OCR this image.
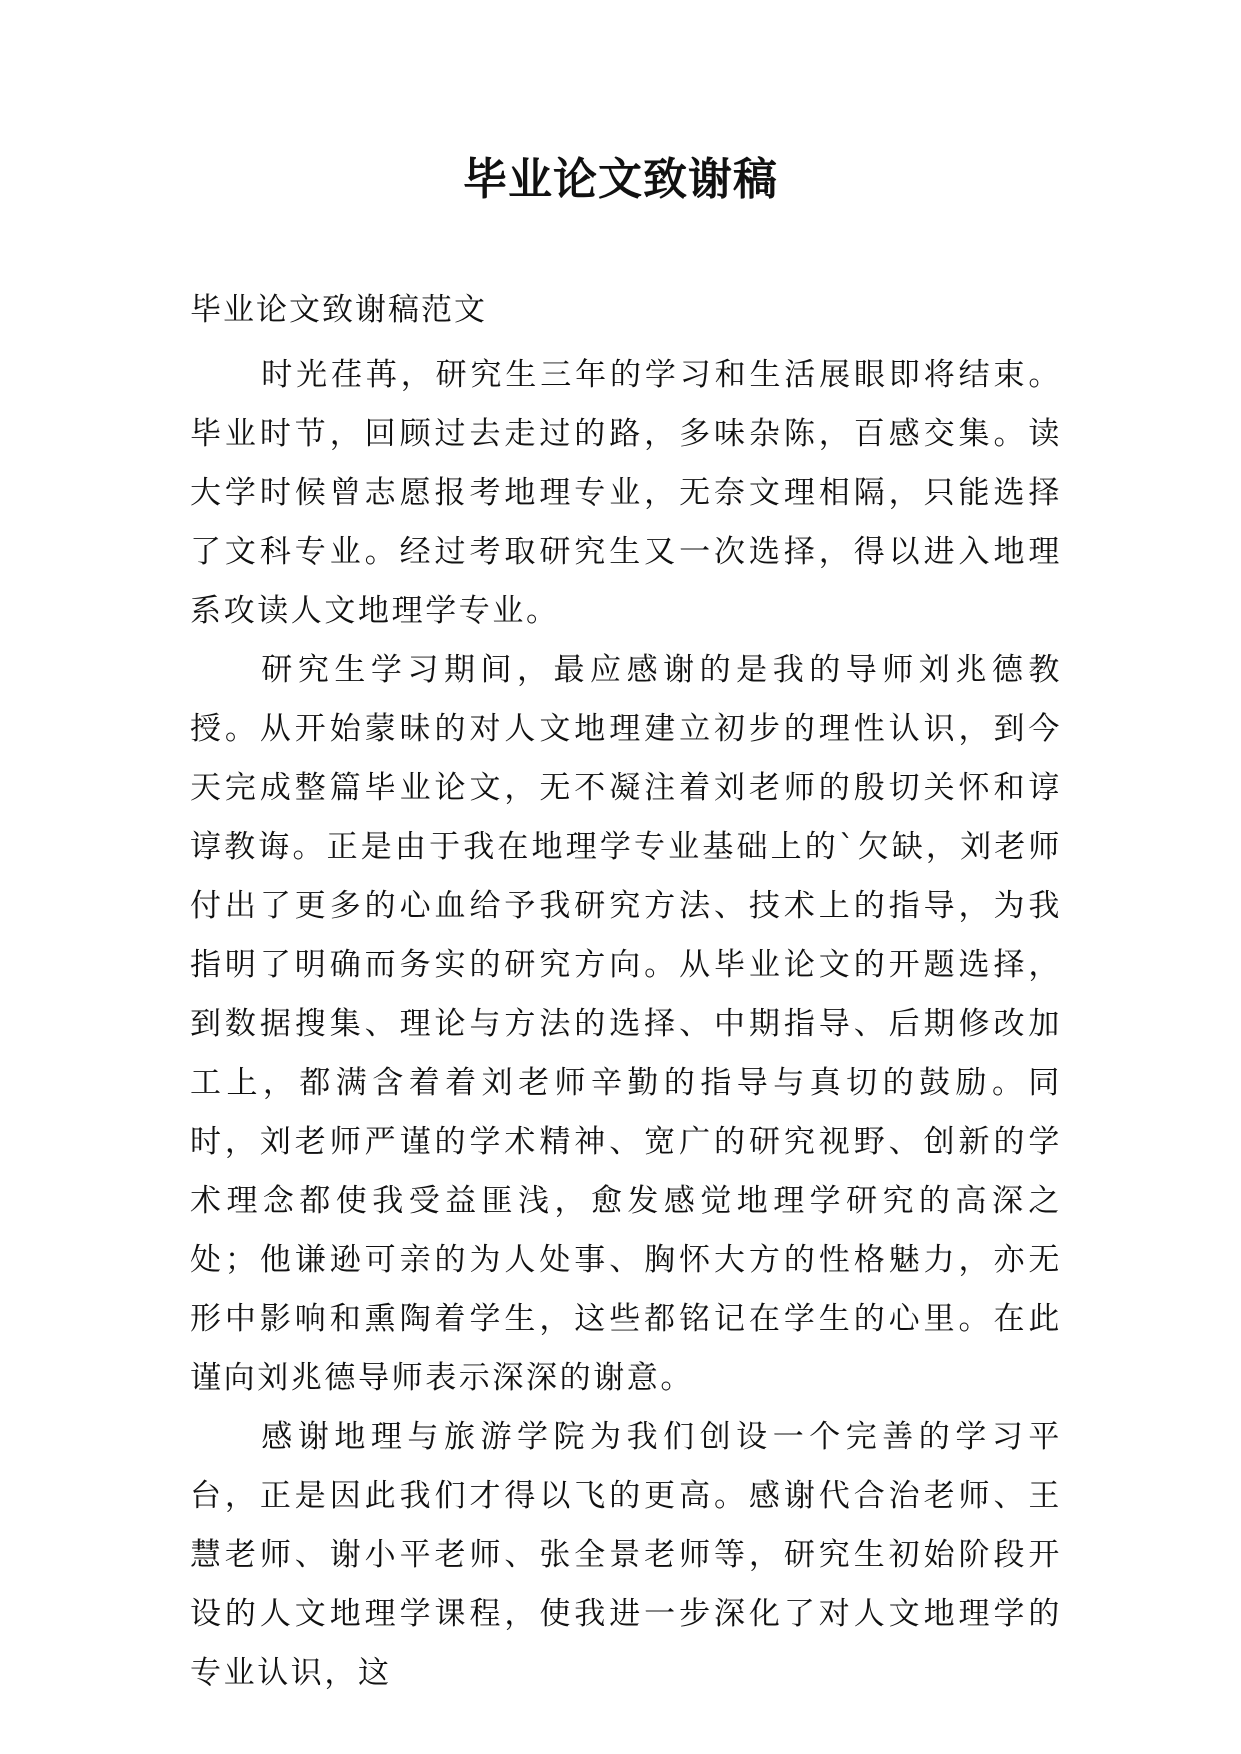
毕业论文致谢稿
毕业论文致谢稿范文

时光荏苒，研究生三年的学习和生活展眼即将结束。毕业时节，回顾过去走过的路，多味杂陈，百感交集。读大学时候曾志愿报考地理专业，无奈文理相隔，只能选择了文科专业。经过考取研究生又一次选择，得以进入地理系攻读人文地理学专业。

研究生学习期间，最应感谢的是我的导师刘兆德教授。从开始蒙昧的对人文地理建立初步的理性认识，到今天完成整篇毕业论文，无不凝注着刘老师的殷切关怀和谆谆教诲。正是由于我在地理学专业基础上的`欠缺，刘老师付出了更多的心血给予我研究方法、技术上的指导，为我指明了明确而务实的研究方向。从毕业论文的开题选择，到数据搜集、理论与方法的选择、中期指导、后期修改加工上，都满含着着刘老师辛勤的指导与真切的鼓励。同时，刘老师严谨的学术精神、宽广的研究视野、创新的学术理念都使我受益匪浅，愈发感觉地理学研究的高深之处；他谦逊可亲的为人处事、胸怀大方的性格魅力，亦无形中影响和熏陶着学生，这些都铭记在学生的心里。在此谨向刘兆德导师表示深深的谢意。

感谢地理与旅游学院为我们创设一个完善的学习平台，正是因此我们才得以飞的更高。感谢代合治老师、王慧老师、谢小平老师、张全景老师等，研究生初始阶段开设的人文地理学课程，使我进一步深化了对人文地理学的专业认识，这
